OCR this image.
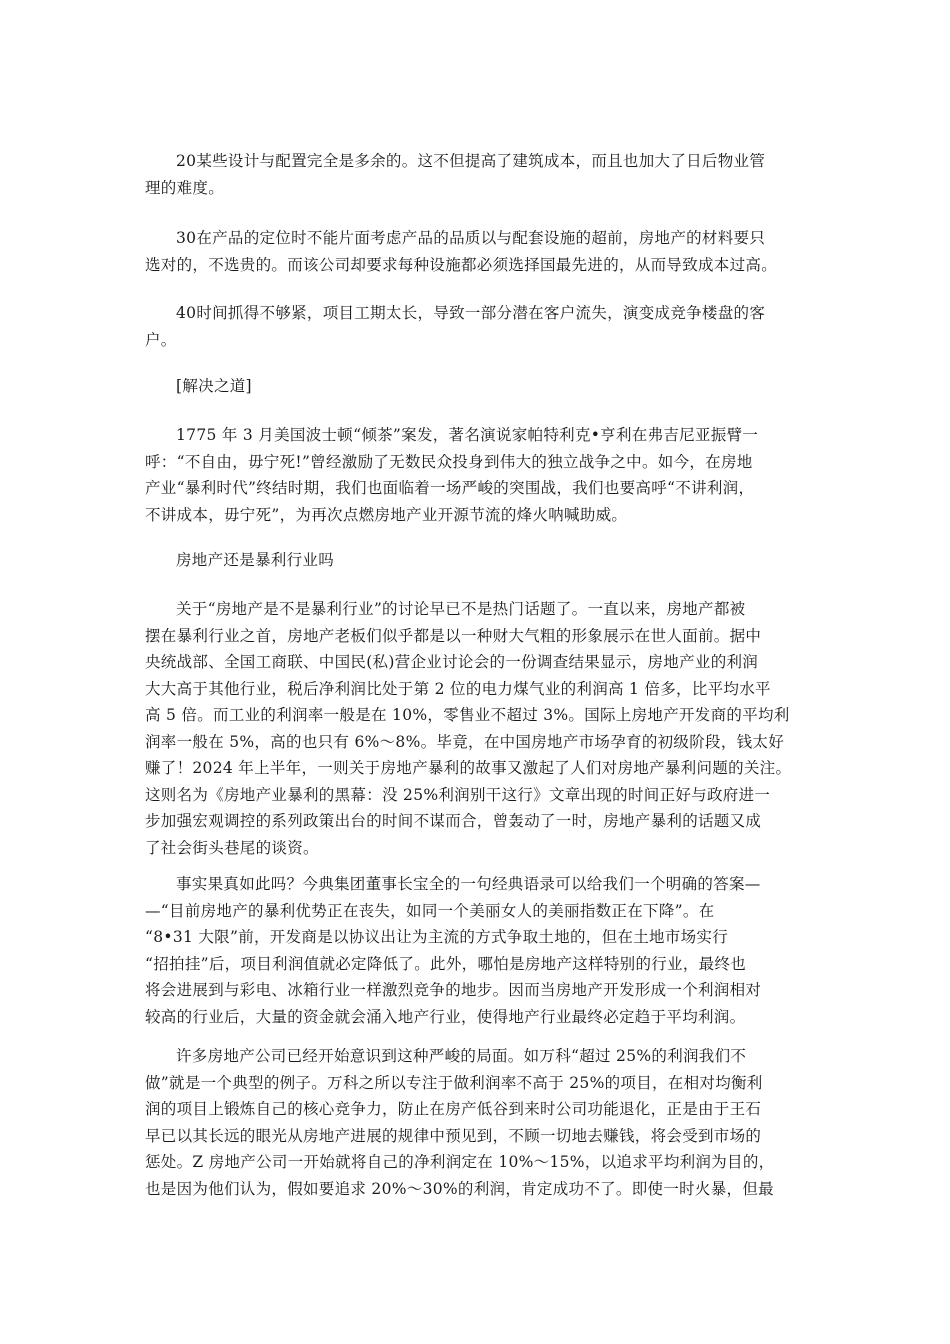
20某些设计与配置完全是多余的。这不但提高了建筑成本，而且也加大了日后物业管
理的难度。
30在产品的定位时不能片面考虑产品的品质以与配套设施的超前，房地产的材料要只
选对的，不选贵的。而该公司却要求每种设施都必须选择国最先进的，从而导致成本过高。
40时间抓得不够紧，项目工期太长，导致一部分潜在客户流失，演变成竞争楼盘的客
户。
[解决之道]
1775 年 3 月美国波士顿“倾茶”案发，著名演说家帕特利克•亨利在弗吉尼亚振臂一
呼：“不自由，毋宁死!”曾经激励了无数民众投身到伟大的独立战争之中。如今，在房地
产业“暴利时代”终结时期，我们也面临着一场严峻的突围战，我们也要高呼“不讲利润，
不讲成本，毋宁死”，为再次点燃房地产业开源节流的烽火呐喊助威。
房地产还是暴利行业吗
关于“房地产是不是暴利行业”的讨论早已不是热门话题了。一直以来，房地产都被
摆在暴利行业之首，房地产老板们似乎都是以一种财大气粗的形象展示在世人面前。据中
央统战部、全国工商联、中国民(私)营企业讨论会的一份调查结果显示，房地产业的利润
大大高于其他行业，税后净利润比处于第 2 位的电力煤气业的利润高 1 倍多，比平均水平
高 5 倍。而工业的利润率一般是在 10%，零售业不超过 3%。国际上房地产开发商的平均利
润率一般在 5%，高的也只有 6%～8%。毕竟，在中国房地产市场孕育的初级阶段，钱太好
赚了！2024 年上半年，一则关于房地产暴利的故事又激起了人们对房地产暴利问题的关注。
这则名为《房地产业暴利的黑幕：没 25%利润别干这行》文章出现的时间正好与政府进一
步加强宏观调控的系列政策出台的时间不谋而合，曾轰动了一时，房地产暴利的话题又成
了社会街头巷尾的谈资。
事实果真如此吗？今典集团董事长宝全的一句经典语录可以给我们一个明确的答案—
—“目前房地产的暴利优势正在丧失，如同一个美丽女人的美丽指数正在下降”。在
“8•31 大限”前，开发商是以协议出让为主流的方式争取土地的，但在土地市场实行
“招拍挂”后，项目利润值就必定降低了。此外，哪怕是房地产这样特别的行业，最终也
将会进展到与彩电、冰箱行业一样激烈竞争的地步。因而当房地产开发形成一个利润相对
较高的行业后，大量的资金就会涌入地产行业，使得地产行业最终必定趋于平均利润。
许多房地产公司已经开始意识到这种严峻的局面。如万科“超过 25%的利润我们不
做”就是一个典型的例子。万科之所以专注于做利润率不高于 25%的项目，在相对均衡利
润的项目上锻炼自己的核心竞争力，防止在房产低谷到来时公司功能退化，正是由于王石
早已以其长远的眼光从房地产进展的规律中预见到，不顾一切地去赚钱，将会受到市场的
惩处。Z 房地产公司一开始就将自己的净利润定在 10%～15%，以追求平均利润为目的，
也是因为他们认为，假如要追求 20%～30%的利润，肯定成功不了。即使一时火暴，但最
